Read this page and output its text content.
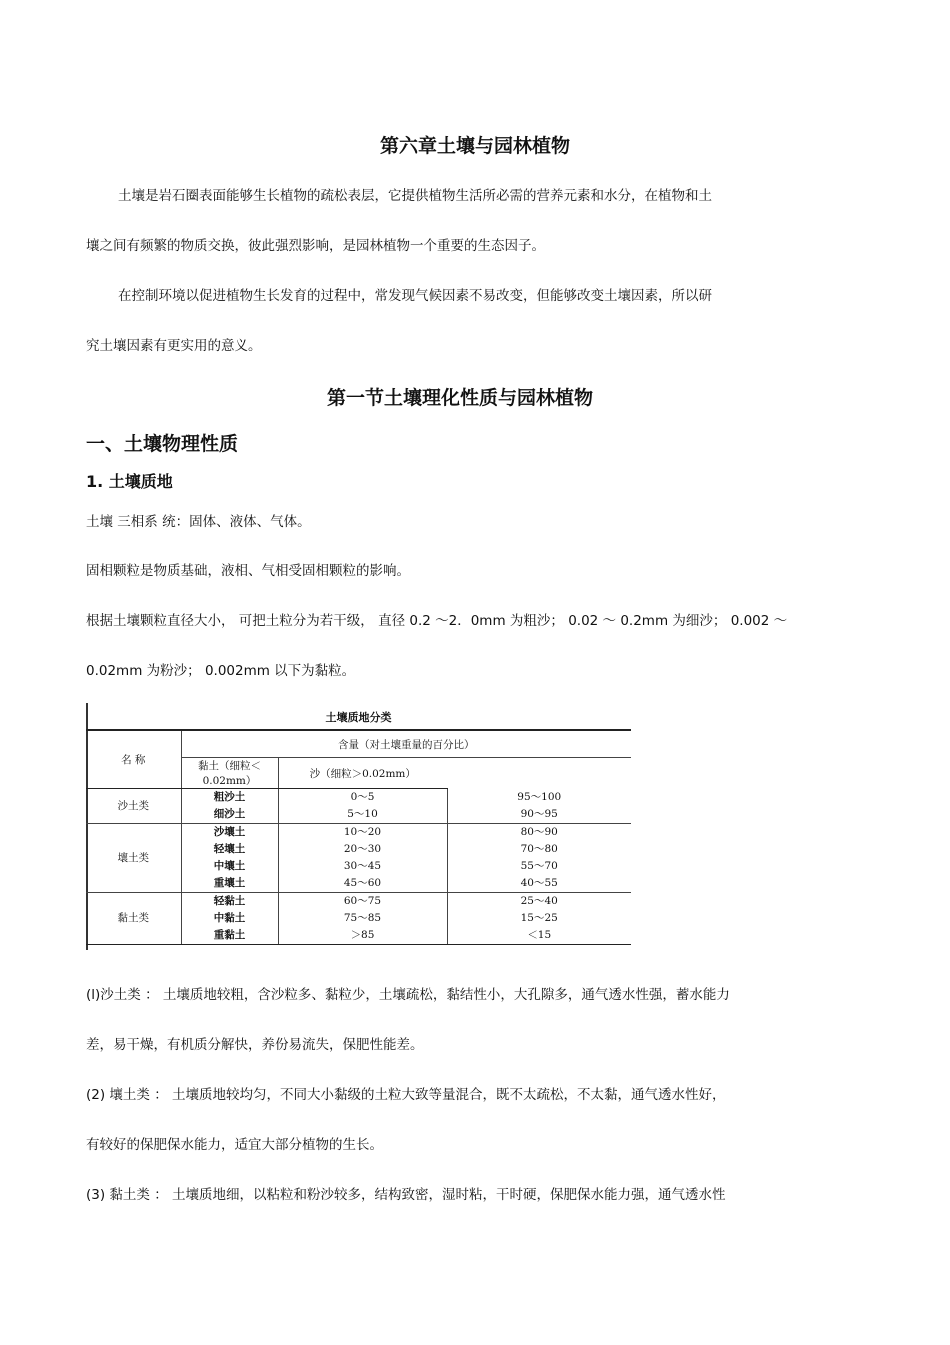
第六章土壤与园林植物

土壤是岩石圈表面能够生长植物的疏松表层，它提供植物生活所必需的营养元素和水分，在植物和土

壤之间有频繁的物质交换，彼此强烈影响，是园林植物一个重要的生态因子。

在控制环境以促进植物生长发育的过程中，常发现气候因素不易改变，但能够改变土壤因素，所以研

究土壤因素有更实用的意义。

第一节土壤理化性质与园林植物
一、土壤物理性质
1. 土壤质地

土壤 三相系 统：固体、液体、气体。

固相颗粒是物质基础，液相、气相受固相颗粒的影响。

根据土壤颗粒直径大小， 可把土粒分为若干级， 直径 0.2 ～2．0mm 为粗沙； 0.02 ～ 0.2mm 为细沙； 0.002 ～

0.02mm 为粉沙； 0.002mm 以下为黏粒。

土壤质地分类
名 称	含量（对土壤重量的百分比）		
	黏土（细粒＜0.02mm）	沙（细粒＞0.02mm）	
沙土类	粗沙土	0～5	95～100
	细沙土	5～10	90～95
壤土类	沙壤土	10～20	80～90
	轻壤土	20～30	70～80
	中壤土	30～45	55～70
	重壤土	45～60	40～55
黏土类	轻黏土	60～75	25～40
	中黏土	75～85	15～25
	重黏土	＞85	＜15

(l)沙土类 ： 土壤质地较粗，含沙粒多、黏粒少，土壤疏松，黏结性小，大孔隙多，通气透水性强，蓄水能力

差，易干燥，有机质分解快，养份易流失，保肥性能差。

(2) 壤土类 ： 土壤质地较均匀，不同大小黏级的土粒大致等量混合，既不太疏松，不太黏，通气透水性好，

有较好的保肥保水能力，适宜大部分植物的生长。

(3) 黏土类 ： 土壤质地细，以粘粒和粉沙较多，结构致密，湿时粘，干时硬，保肥保水能力强，通气透水性
